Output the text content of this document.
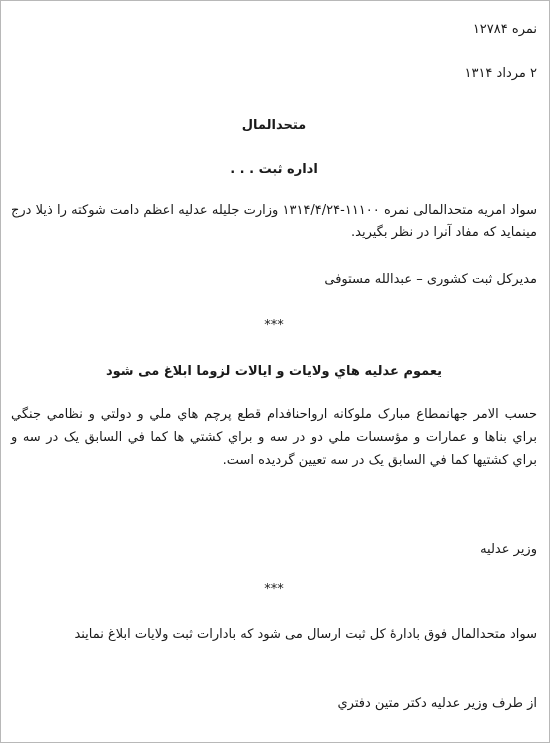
نمره ۱۲۷۸۴
۲ مرداد ۱۳۱۴
متحدالمال
اداره ثبت . . .
سواد امریه متحدالمالی نمره ۱۱۱۰۰-۱۳۱۴/۴/۲۴ وزارت جلیله عدلیه اعظم دامت شوکته را ذیلا درج مینماید که مفاد آنرا در نظر بگیرید.
مدیرکل ثبت کشوری – عبدالله مستوفی
***
یعموم عدلیه هاي ولایات و ایالات لزوما ابلاغ می شود
حسب الامر جهانمطاع مبارک ملوکانه اروا‌حنا‌فدا‌م قطع پرچم هاي ملي و دولتي و نظامي جنگي براي بناها و عمارات و مؤسسات ملي دو در سه و براي کشتي ها کما في السابق یک در سه و براي کشتیها کما في السابق یک در سه تعیین گردیده است.
وزیر عدلیه
***
سواد متحدالمال فوق باداره‌ٔ کل ثبت ارسال می شود که بادارات ثبت ولایات ابلاغ نمایند
از طرف وزیر عدلیه دکتر متین دفتري
